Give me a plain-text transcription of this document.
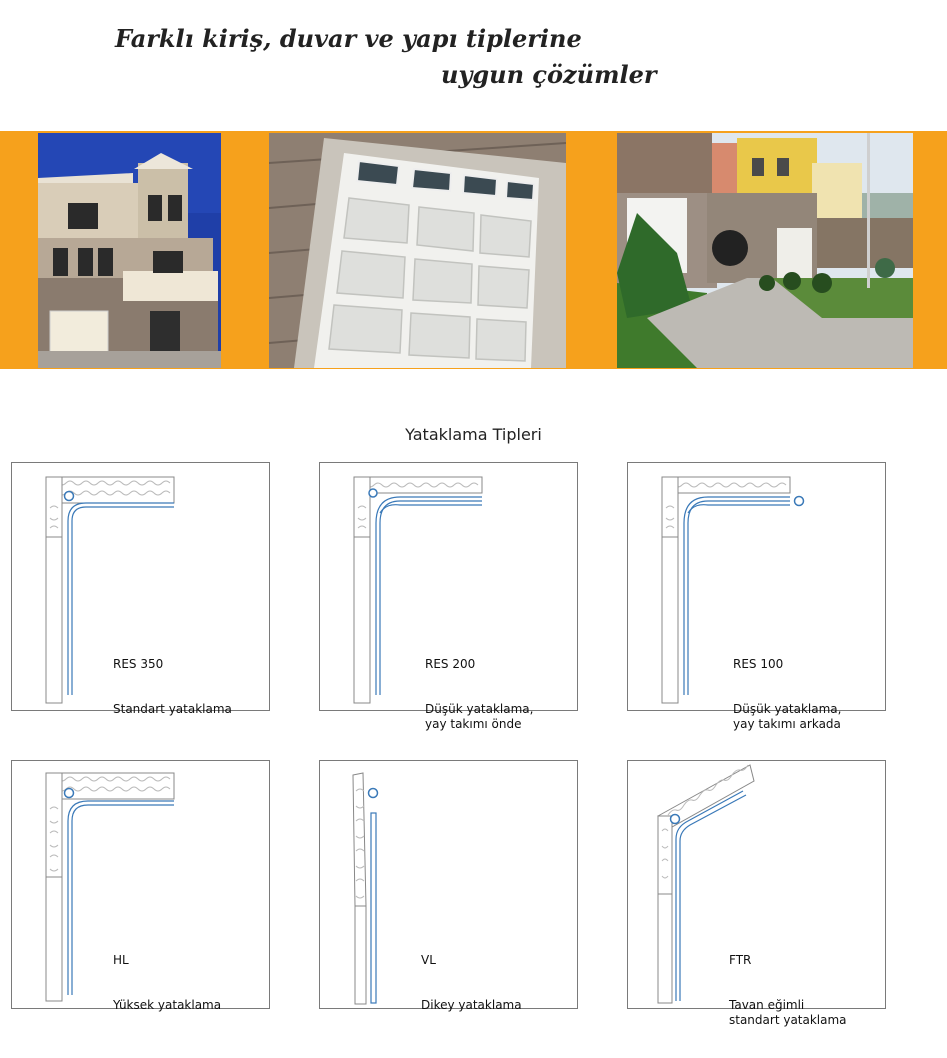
Farklı kiriş, duvar ve yapı tiplerine
uygun çözümler
Yataklama Tipleri

RES 350

Standart yataklama

RES 200

Düşük yataklama,
yay takımı önde

RES 100

Düşük yataklama,
yay takımı arkada

HL

Yüksek yataklama

VL

Dikey yataklama

FTR

Tavan eğimli
standart yataklama
